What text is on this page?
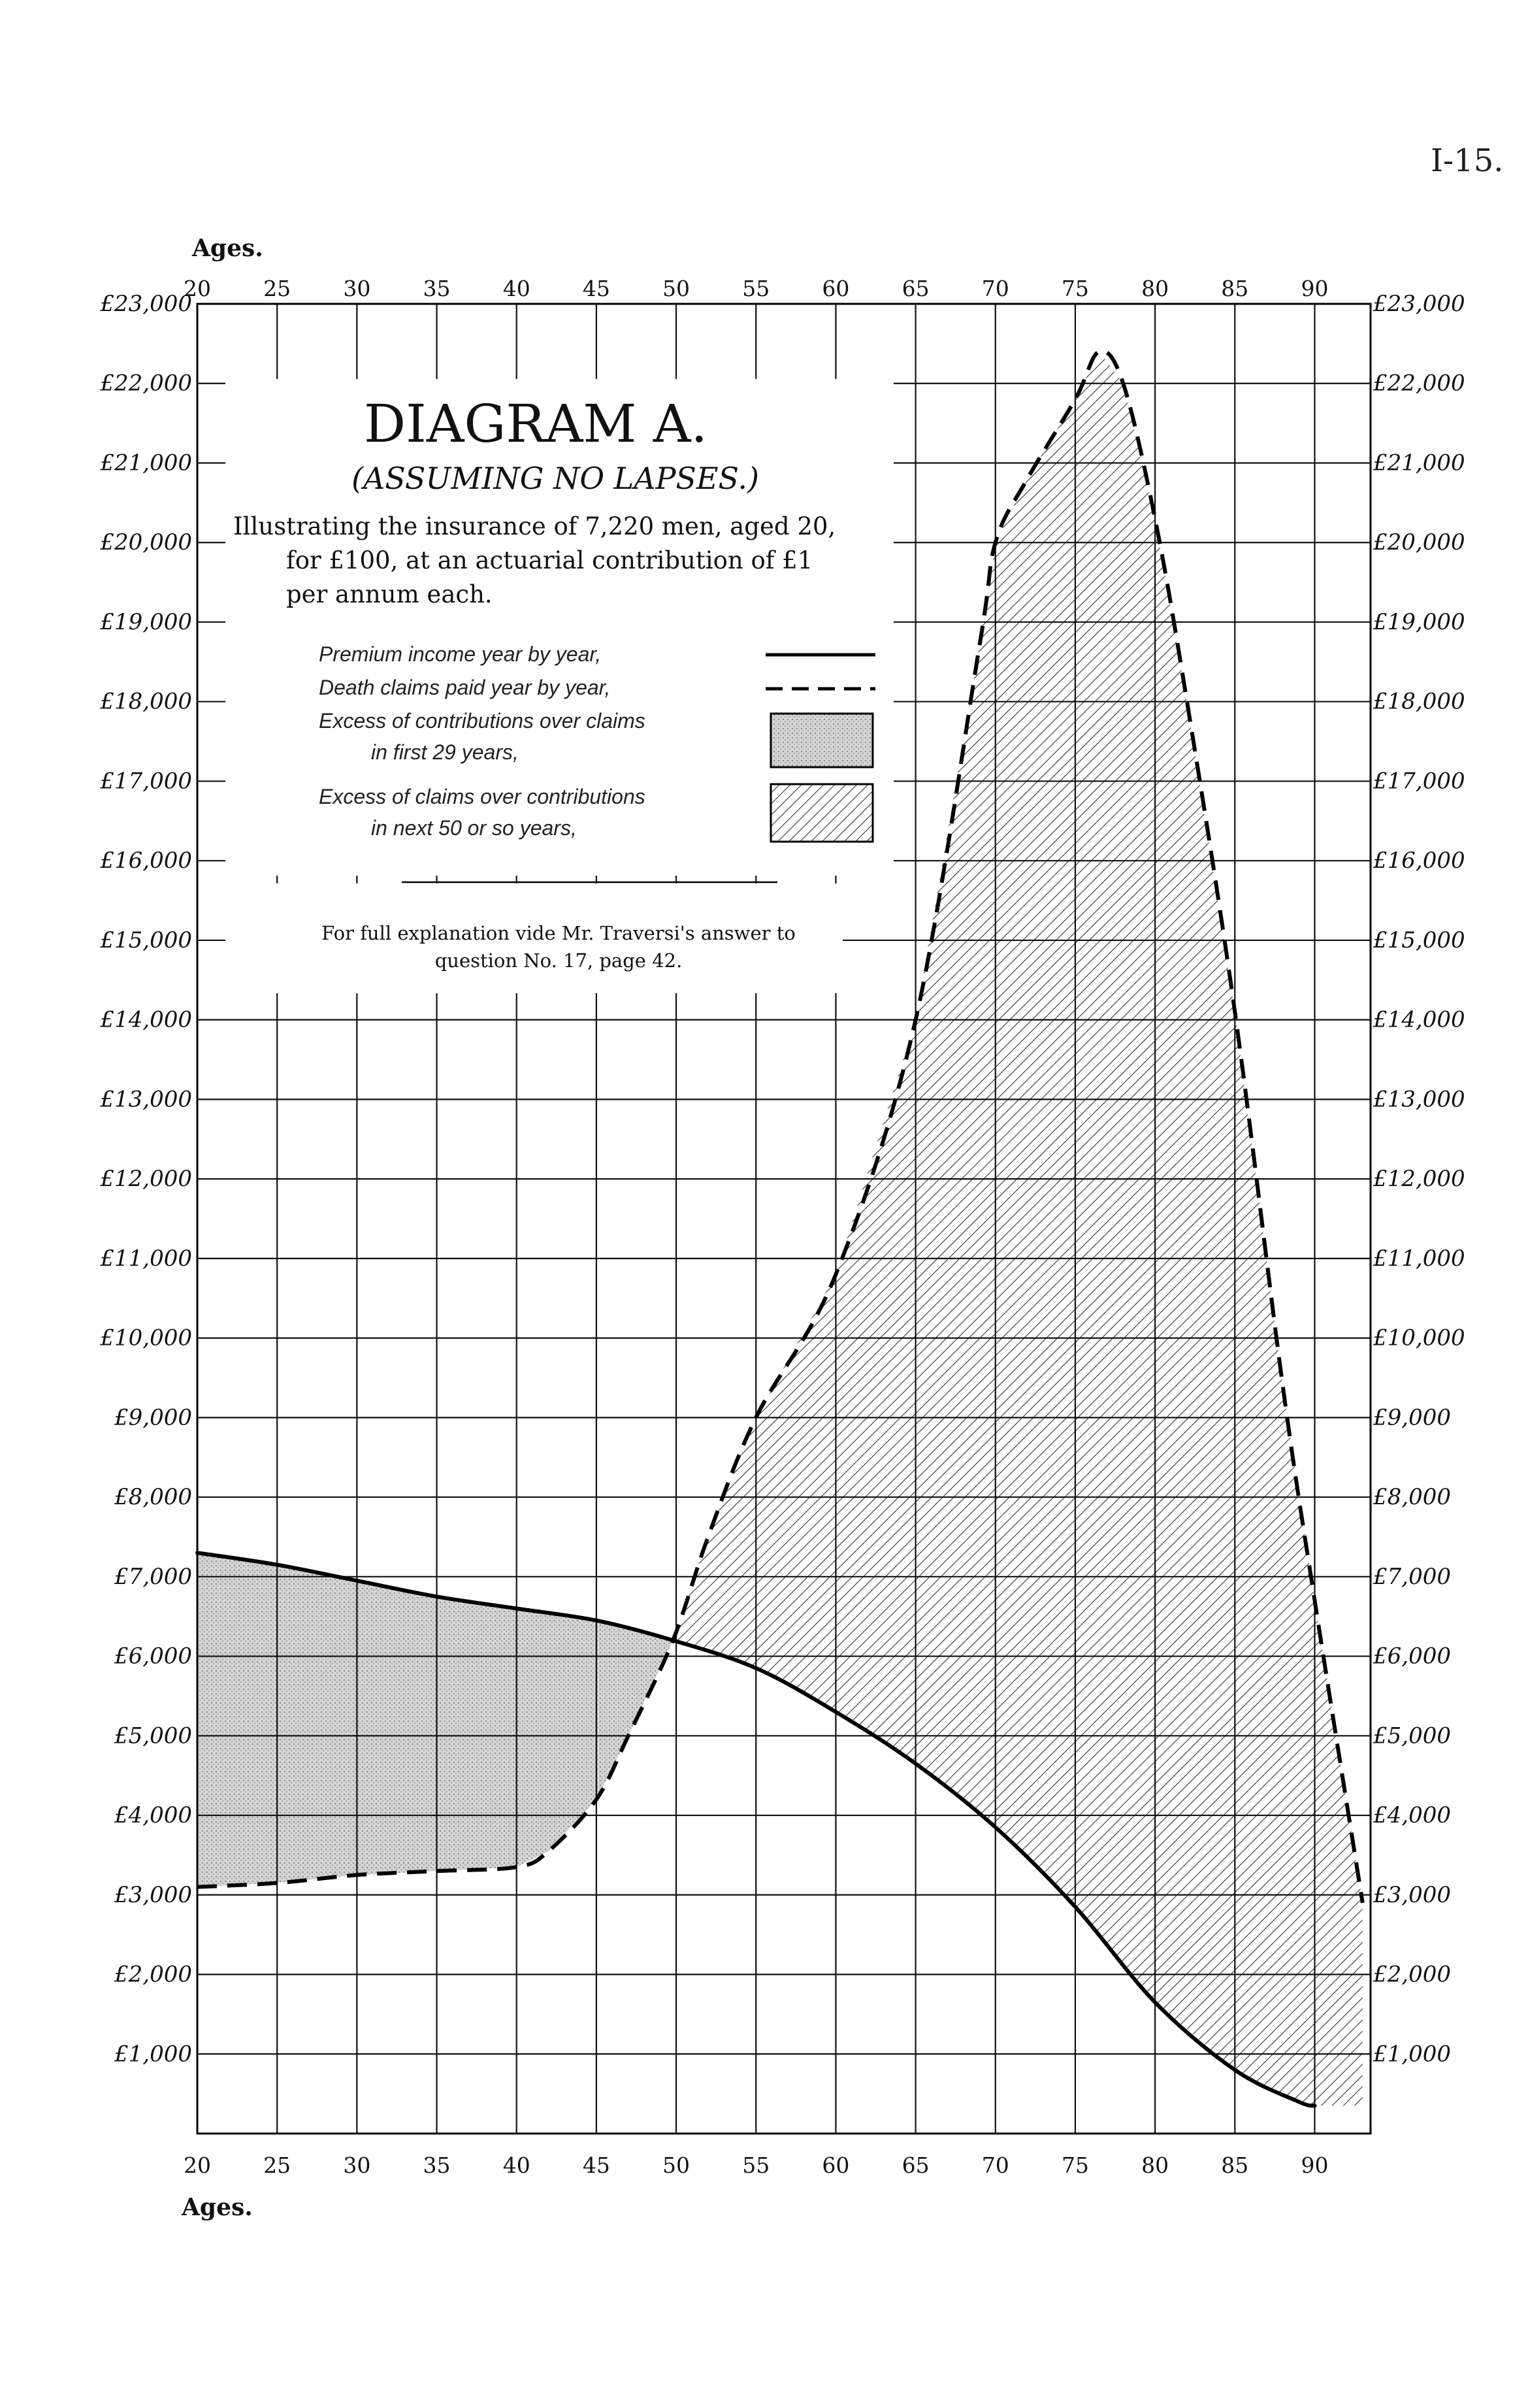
I-15.
20 25 30 35 40 45 50 55 60 65 70 75 80 85 90
20 25 30 35 40 45 50 55 60 65 70 75 80 85 90
£1,000
£2,000
£3,000
£4,000
£5,000
£6,000
£7,000
£8,000
£9,000
£10,000
£11,000
£12,000
£13,000
£14,000
£15,000
£16,000
£17,000
£18,000
£19,000
£20,000
£21,000
£22,000
£23,000
£1,000
£2,000
£3,000
£4,000
£5,000
£6,000
£7,000
£8,000
£9,000
£10,000
£11,000
£12,000
£13,000
£14,000
£15,000
£16,000
£17,000
£18,000
£19,000
£20,000
£21,000
£22,000
£23,000
Ages.
Ages.
DIAGRAM A.
(ASSUMING NO LAPSES.)
Illustrating the insurance of 7,220 men, aged 20,
for £100, at an actuarial contribution of £1
per annum each.
Premium income year by year,
Death claims paid year by year,
Excess of contributions over claims
in first 29 years,
Excess of claims over contributions
in next 50 or so years,
For full explanation vide Mr. Traversi's answer to
question No. 17, page 42.
